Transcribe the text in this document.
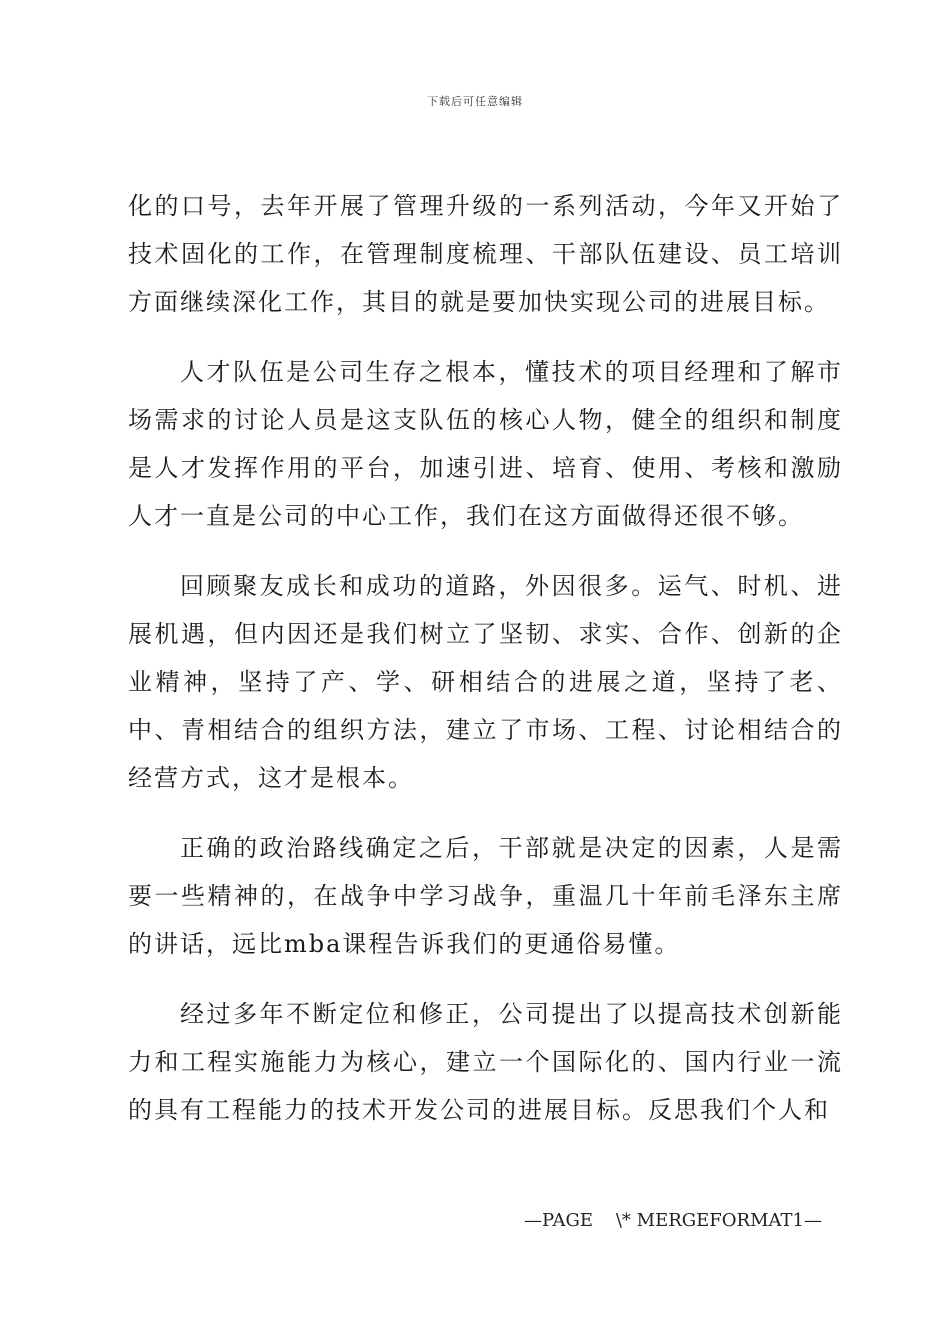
下载后可任意编辑

化的口号，去年开展了管理升级的一系列活动，今年又开始了技术固化的工作，在管理制度梳理、干部队伍建设、员工培训方面继续深化工作，其目的就是要加快实现公司的进展目标。

人才队伍是公司生存之根本，懂技术的项目经理和了解市场需求的讨论人员是这支队伍的核心人物，健全的组织和制度是人才发挥作用的平台，加速引进、培育、使用、考核和激励人才一直是公司的中心工作，我们在这方面做得还很不够。

回顾聚友成长和成功的道路，外因很多。运气、时机、进展机遇，但内因还是我们树立了坚韧、求实、合作、创新的企业精神，坚持了产、学、研相结合的进展之道，坚持了老、中、青相结合的组织方法，建立了市场、工程、讨论相结合的经营方式，这才是根本。

正确的政治路线确定之后，干部就是决定的因素，人是需要一些精神的，在战争中学习战争，重温几十年前毛泽东主席的讲话，远比mba课程告诉我们的更通俗易懂。

经过多年不断定位和修正，公司提出了以提高技术创新能力和工程实施能力为核心，建立一个国际化的、国内行业一流的具有工程能力的技术开发公司的进展目标。反思我们个人和

—PAGE    \* MERGEFORMAT1—
